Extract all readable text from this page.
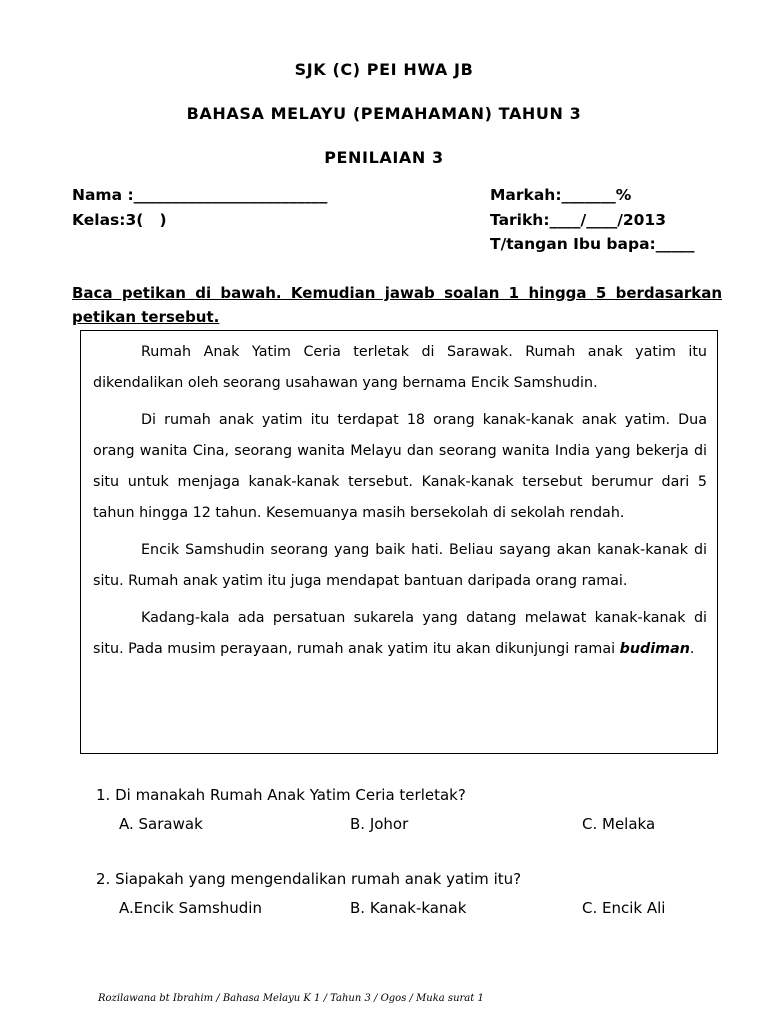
SJK (C) PEI HWA JB
BAHASA MELAYU (PEMAHAMAN) TAHUN 3
PENILAIAN 3
Nama :_________________________	Markah:_______%
Kelas:3(   )	Tarikh:____/____/2013
T/tangan Ibu bapa:_____
Baca petikan di bawah. Kemudian jawab soalan 1 hingga 5 berdasarkan petikan tersebut.

Rumah Anak Yatim Ceria terletak di Sarawak. Rumah anak yatim itu dikendalikan oleh seorang usahawan yang bernama Encik Samshudin.

Di rumah anak yatim itu terdapat 18 orang kanak-kanak anak yatim. Dua orang wanita Cina, seorang wanita Melayu dan seorang wanita India yang bekerja di situ untuk menjaga kanak-kanak tersebut. Kanak-kanak tersebut berumur dari 5 tahun hingga 12 tahun. Kesemuanya masih bersekolah di sekolah rendah.

Encik Samshudin seorang yang baik hati. Beliau sayang akan kanak-kanak di situ. Rumah anak yatim itu juga mendapat bantuan daripada orang ramai.

Kadang-kala ada persatuan sukarela yang datang melawat kanak-kanak di situ. Pada musim perayaan, rumah anak yatim itu akan dikunjungi ramai budiman.

1. Di manakah Rumah Anak Yatim Ceria terletak?
A. Sarawak	B. Johor	C. Melaka
2. Siapakah yang mengendalikan rumah anak yatim itu?
A.Encik Samshudin	B. Kanak-kanak	C. Encik Ali
Rozilawana bt Ibrahim / Bahasa Melayu K 1 / Tahun 3 / Ogos / Muka surat 1
